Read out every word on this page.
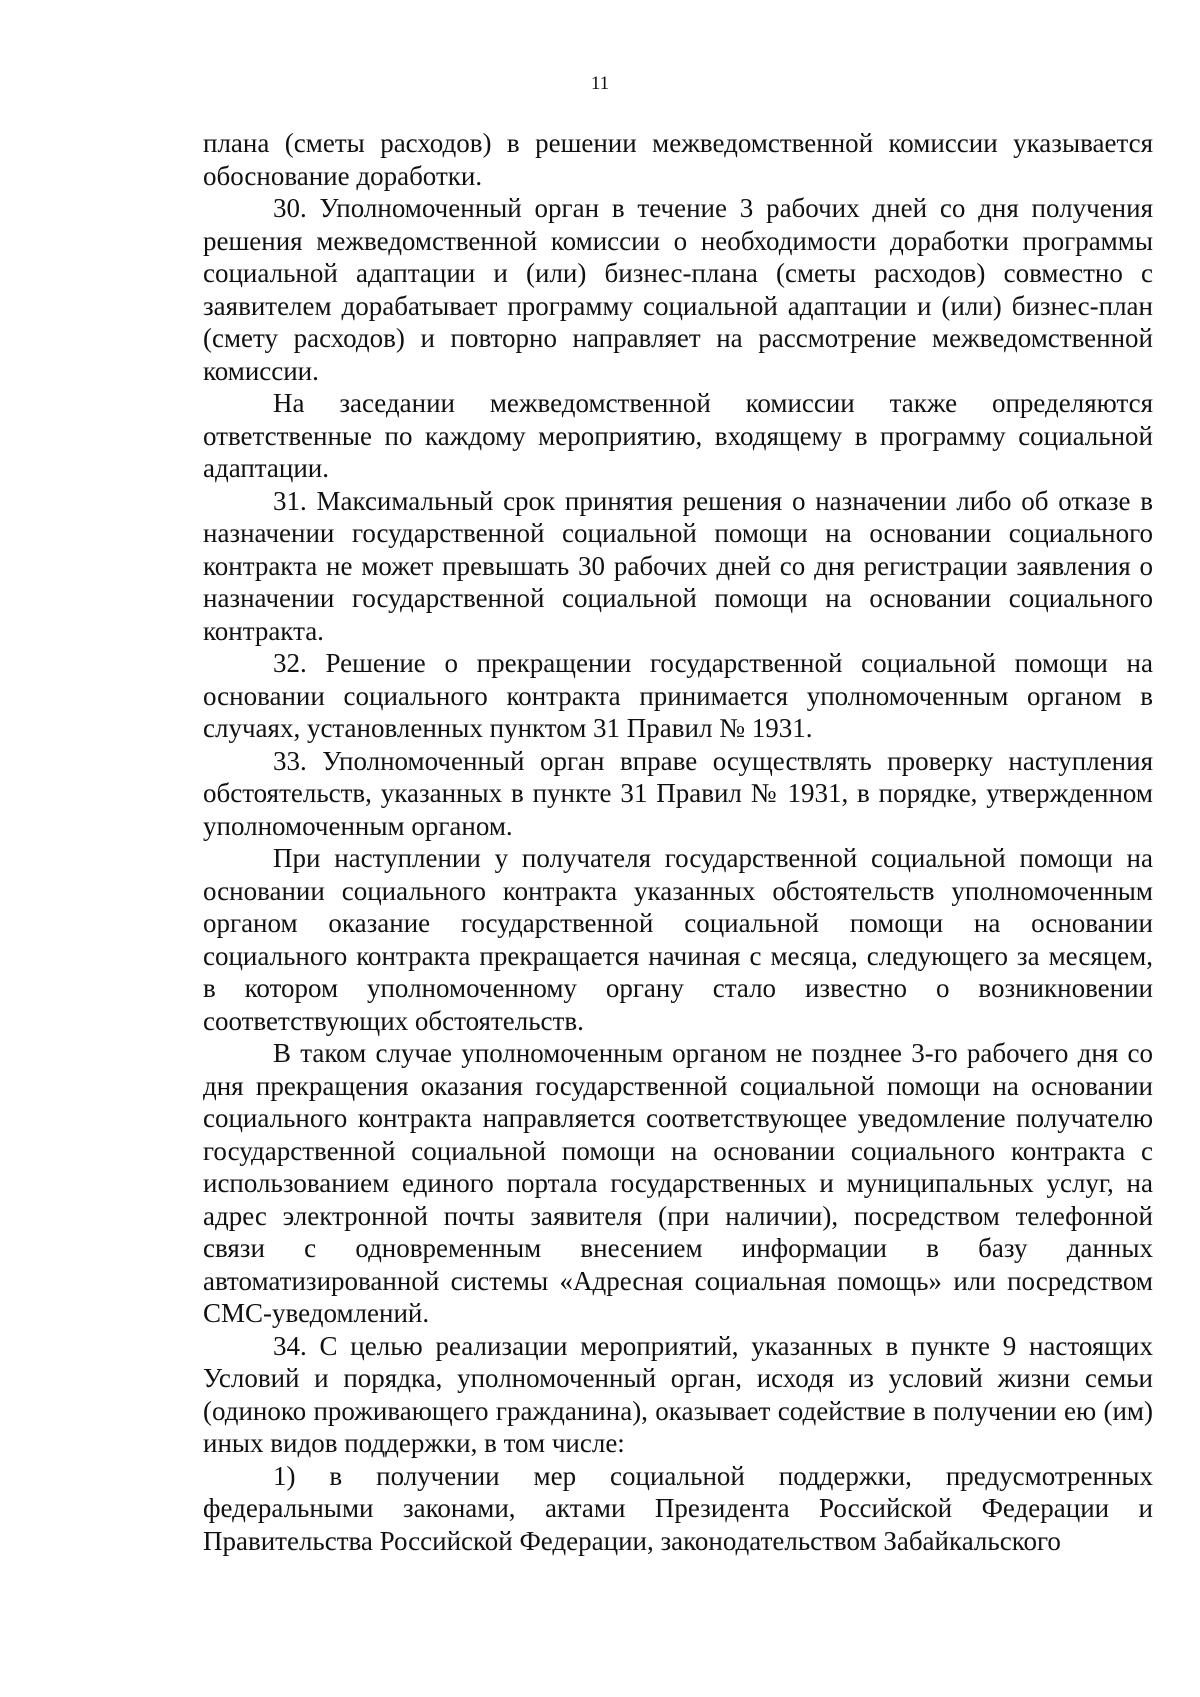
11

плана (сметы расходов) в решении межведомственной комиссии указывается обоснование доработки.

30. Уполномоченный орган в течение 3 рабочих дней со дня получения решения межведомственной комиссии о необходимости доработки программы социальной адаптации и (или) бизнес-плана (сметы расходов) совместно с заявителем дорабатывает программу социальной адаптации и (или) бизнес-план (смету расходов) и повторно направляет на рассмотрение межведомственной комиссии.

На заседании межведомственной комиссии также определяются ответственные по каждому мероприятию, входящему в программу социальной адаптации.

31. Максимальный срок принятия решения о назначении либо об отказе в назначении государственной социальной помощи на основании социального контракта не может превышать 30 рабочих дней со дня регистрации заявления о назначении государственной социальной помощи на основании социального контракта.

32. Решение о прекращении государственной социальной помощи на основании социального контракта принимается уполномоченным органом в случаях, установленных пунктом 31 Правил № 1931.

33. Уполномоченный орган вправе осуществлять проверку наступления обстоятельств, указанных в пункте 31 Правил № 1931, в порядке, утвержденном уполномоченным органом.

При наступлении у получателя государственной социальной помощи на основании социального контракта указанных обстоятельств уполномоченным органом оказание государственной социальной помощи на основании социального контракта прекращается начиная с месяца, следующего за месяцем, в котором уполномоченному органу стало известно о возникновении соответствующих обстоятельств.

В таком случае уполномоченным органом не позднее 3-го рабочего дня со дня прекращения оказания государственной социальной помощи на основании социального контракта направляется соответствующее уведомление получателю государственной социальной помощи на основании социального контракта с использованием единого портала государственных и муниципальных услуг, на адрес электронной почты заявителя (при наличии), посредством телефонной связи с одновременным внесением информации в базу данных автоматизированной системы «Адресная социальная помощь» или посредством СМС-уведомлений.

34. С целью реализации мероприятий, указанных в пункте 9 настоящих Условий и порядка, уполномоченный орган, исходя из условий жизни семьи (одиноко проживающего гражданина), оказывает содействие в получении ею (им) иных видов поддержки, в том числе:

1) в получении мер социальной поддержки, предусмотренных федеральными законами, актами Президента Российской Федерации и Правительства Российской Федерации, законодательством Забайкальского
